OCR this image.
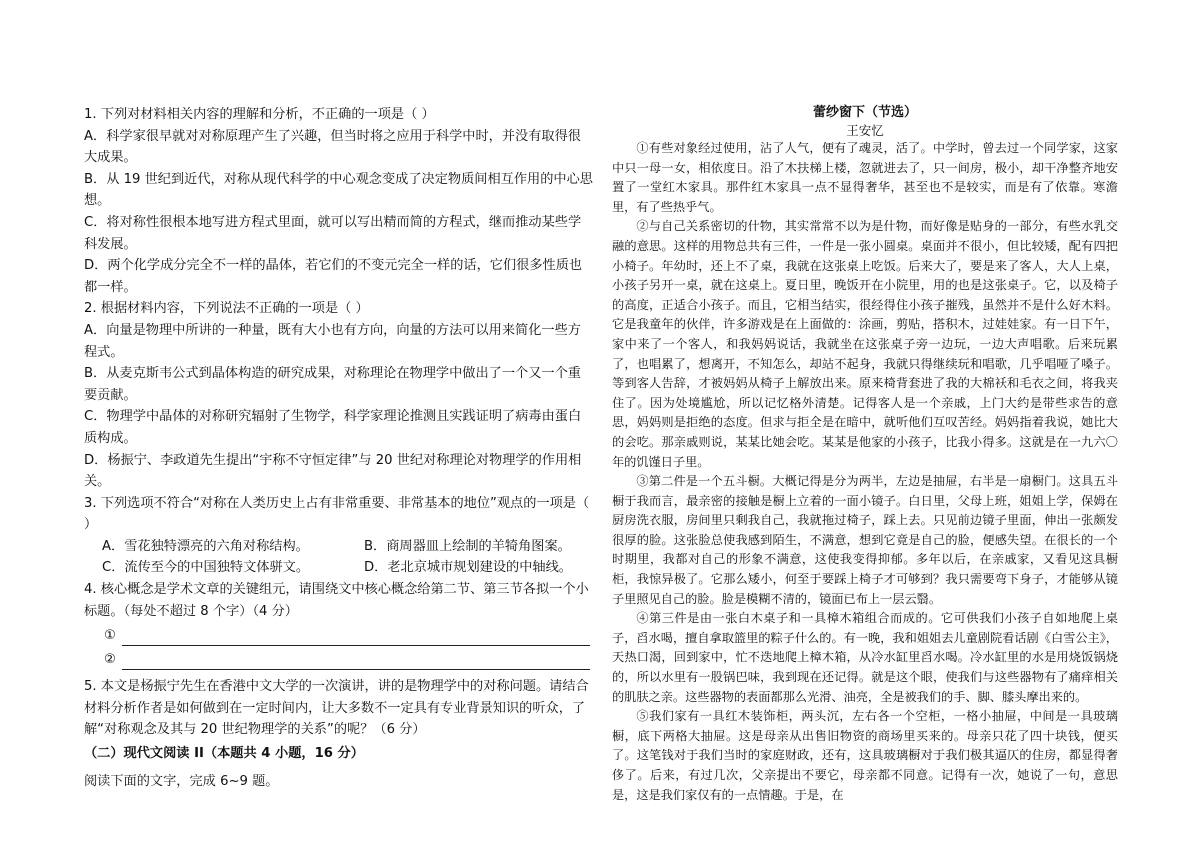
1. 下列对材料相关内容的理解和分析，不正确的一项是（ ）

A．科学家很早就对对称原理产生了兴趣，但当时将之应用于科学中时，并没有取得很大成果。

B．从 19 世纪到近代，对称从现代科学的中心观念变成了决定物质间相互作用的中心思想。

C．将对称性很根本地写进方程式里面，就可以写出精而简的方程式，继而推动某些学科发展。

D．两个化学成分完全不一样的晶体，若它们的不变元完全一样的话，它们很多性质也都一样。

2. 根据材料内容，下列说法不正确的一项是（ ）

A．向量是物理中所讲的一种量，既有大小也有方向，向量的方法可以用来简化一些方程式。

B．从麦克斯韦公式到晶体构造的研究成果，对称理论在物理学中做出了一个又一个重要贡献。

C．物理学中晶体的对称研究辐射了生物学，科学家理论推测且实践证明了病毒由蛋白质构成。

D．杨振宁、李政道先生提出“宇称不守恒定律”与 20 世纪对称理论对物理学的作用相关。

3. 下列选项不符合“对称在人类历史上占有非常重要、非常基本的地位”观点的一项是（ ）

A．雪花独特漂亮的六角对称结构。	B．商周器皿上绘制的羊犄角图案。
C．流传至今的中国独特文体骈文。	D．老北京城市规划建设的中轴线。

4. 核心概念是学术文章的关键组元，请围绕文中核心概念给第二节、第三节各拟一个小标题。（每处不超过 8 个字）（4 分）

①
②

5. 本文是杨振宁先生在香港中文大学的一次演讲，讲的是物理学中的对称问题。请结合材料分析作者是如何做到在一定时间内，让大多数不一定具有专业背景知识的听众，了解“对称观念及其与 20 世纪物理学的关系”的呢？（6 分）

（二）现代文阅读 II（本题共 4 小题，16 分）

阅读下面的文字，完成 6~9 题。

蕾纱窗下（节选）

王安忆

①有些对象经过使用，沾了人气，便有了魂灵，活了。中学时，曾去过一个同学家，这家中只一母一女，相依度日。沿了木扶梯上楼，忽就进去了，只一间房，极小，却干净整齐地安置了一堂红木家具。那件红木家具一点不显得奢华，甚至也不是较实，而是有了依靠。寒澹里，有了些热乎气。

②与自己关系密切的什物，其实常常不以为是什物，而好像是贴身的一部分，有些水乳交融的意思。这样的用物总共有三件，一件是一张小圆桌。桌面并不很小，但比较矮，配有四把小椅子。年幼时，还上不了桌，我就在这张桌上吃饭。后来大了，要是来了客人，大人上桌，小孩子另开一桌，就在这桌上。夏日里，晚饭开在小院里，用的也是这张桌子。它，以及椅子的高度，正适合小孩子。而且，它相当结实，很经得住小孩子摧残，虽然并不是什么好木料。它是我童年的伙伴，许多游戏是在上面做的：涂画，剪贴，搭积木，过娃娃家。有一日下午，家中来了一个客人，和我妈妈说话，我就坐在这张桌子旁一边玩，一边大声唱歌。后来玩累了，也唱累了，想离开，不知怎么，却站不起身，我就只得继续玩和唱歌，几乎唱哑了嗓子。等到客人告辞，才被妈妈从椅子上解放出来。原来椅背套进了我的大棉袄和毛衣之间，将我夹住了。因为处境尴尬，所以记忆格外清楚。记得客人是一个亲戚，上门大约是带些求告的意思，妈妈则是拒绝的态度。但求与拒全是在暗中，就听他们互叹苦经。妈妈指着我说，她比大的会吃。那亲戚则说，某某比她会吃。某某是他家的小孩子，比我小得多。这就是在一九六〇年的饥馑日子里。

③第二件是一个五斗橱。大概记得是分为两半，左边是抽屉，右半是一扇橱门。这具五斗橱于我而言，最亲密的接触是橱上立着的一面小镜子。白日里，父母上班，姐姐上学，保姆在厨房洗衣服，房间里只剩我自己，我就拖过椅子，踩上去。只见前边镜子里面，伸出一张颇发很厚的脸。这张脸总使我感到陌生，不满意，想到它竟是自己的脸，便感失望。在很长的一个时期里，我都对自己的形象不满意，这使我变得抑郁。多年以后，在亲戚家，又看见这具橱柜，我惊异极了。它那么矮小，何至于要踩上椅子才可够到？我只需要弯下身子，才能够从镜子里照见自己的脸。脸是模糊不清的，镜面已布上一层云翳。

④第三件是由一张白木桌子和一具樟木箱组合而成的。它可供我们小孩子自如地爬上桌子，舀水喝，擅自拿取篮里的粽子什么的。有一晚，我和姐姐去儿童剧院看话剧《白雪公主》，天热口渴，回到家中，忙不迭地爬上樟木箱，从冷水缸里舀水喝。冷水缸里的水是用烧饭锅烧的，所以水里有一股锅巴味，我到现在还记得。就是这个眼，使我们与这些器物有了痛痒相关的肌肤之亲。这些器物的表面都那么光滑、油亮，全是被我们的手、脚、膝头摩出来的。

⑤我们家有一具红木装饰柜，两头沉，左右各一个空柜，一格小抽屉，中间是一具玻璃橱，底下两格大抽屉。这是母亲从出售旧物资的商场里买来的。母亲只花了四十块钱，便买了。这笔钱对于我们当时的家庭财政，还有，这具玻璃橱对于我们极其逼仄的住房，都显得奢侈了。后来，有过几次，父亲提出不要它，母亲都不同意。记得有一次，她说了一句，意思是，这是我们家仅有的一点情趣。于是，在
